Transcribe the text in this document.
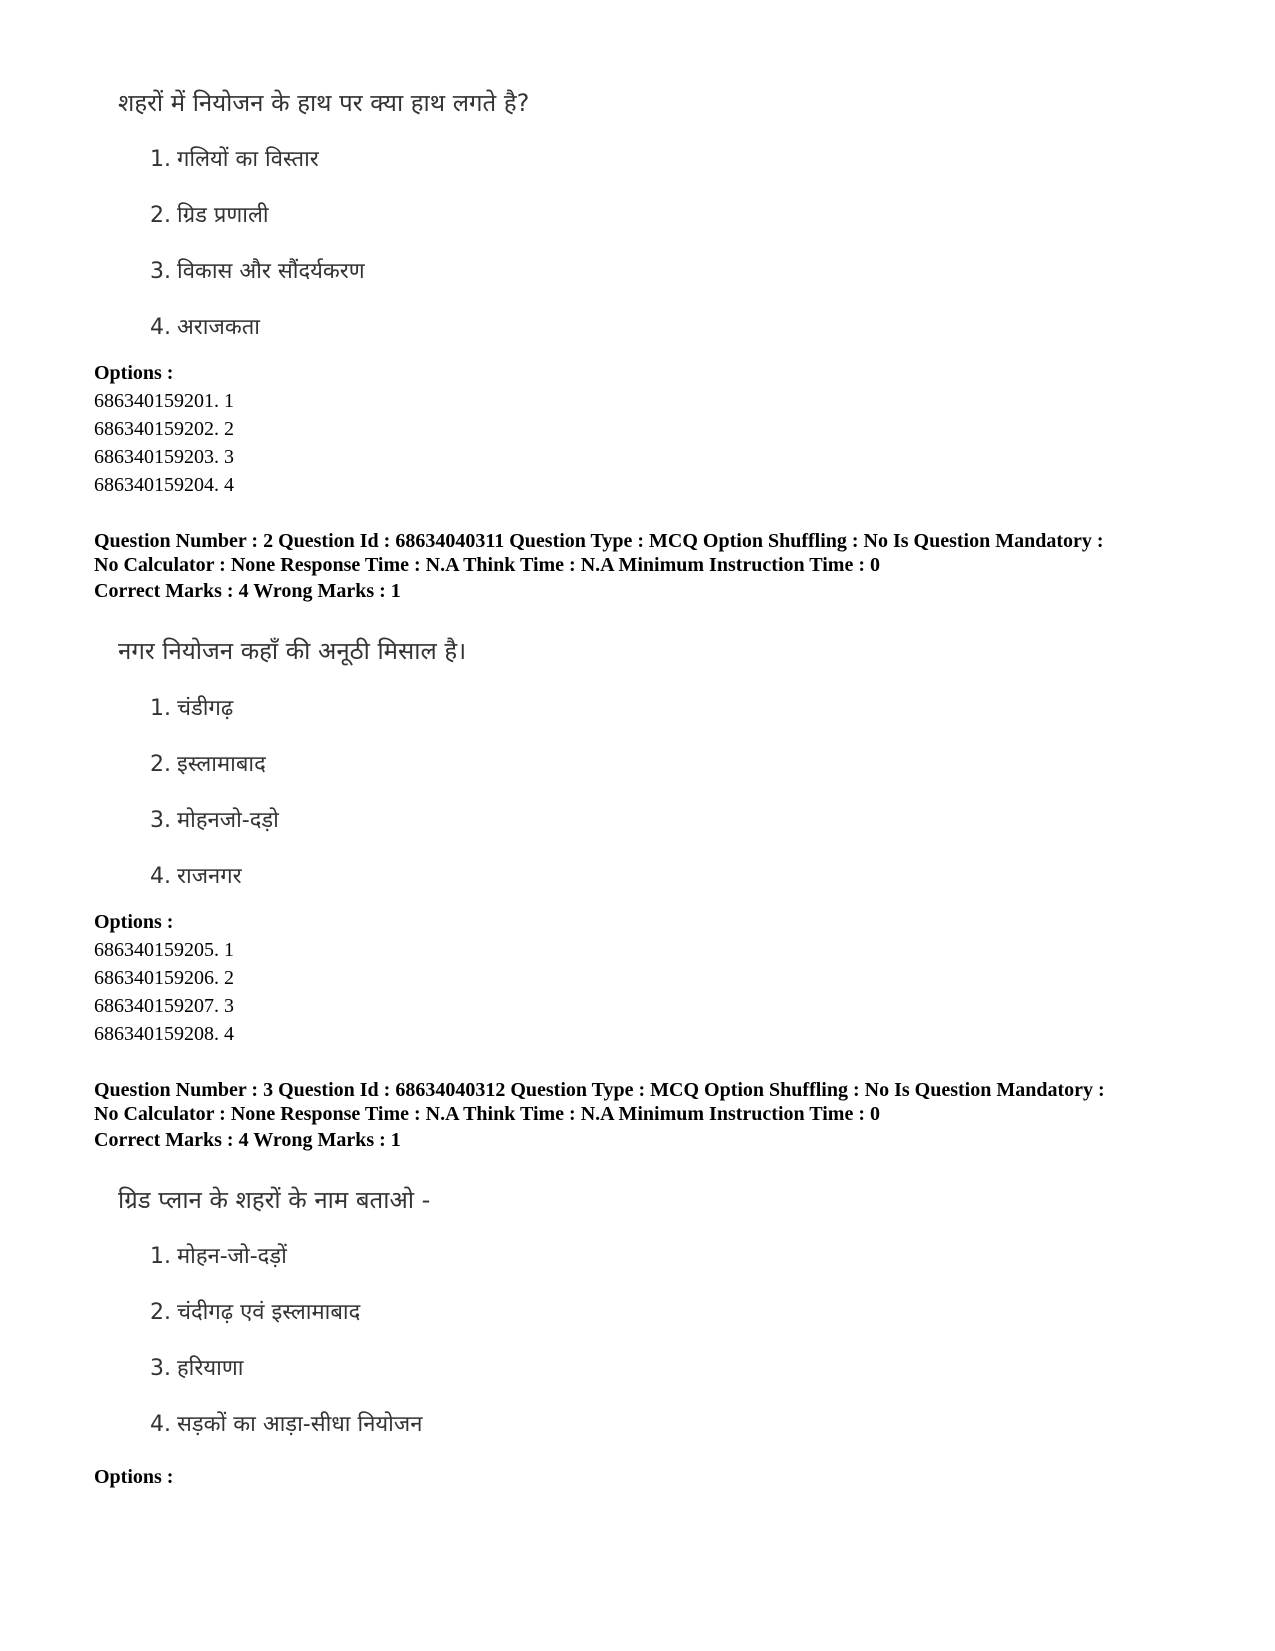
शहरों में नियोजन के हाथ पर क्या हाथ लगते है?
1. गलियों का विस्तार
2. ग्रिड प्रणाली
3. विकास और सौंदर्यकरण
4. अराजकता
Options :
686340159201. 1
686340159202. 2
686340159203. 3
686340159204. 4
Question Number : 2 Question Id : 68634040311 Question Type : MCQ Option Shuffling : No Is Question Mandatory :
No Calculator : None Response Time : N.A Think Time : N.A Minimum Instruction Time : 0
Correct Marks : 4 Wrong Marks : 1
नगर नियोजन कहाँ की अनूठी मिसाल है।
1. चंडीगढ़
2. इस्लामाबाद
3. मोहनजो-दड़ो
4. राजनगर
Options :
686340159205. 1
686340159206. 2
686340159207. 3
686340159208. 4
Question Number : 3 Question Id : 68634040312 Question Type : MCQ Option Shuffling : No Is Question Mandatory :
No Calculator : None Response Time : N.A Think Time : N.A Minimum Instruction Time : 0
Correct Marks : 4 Wrong Marks : 1
ग्रिड प्लान के शहरों के नाम बताओ -
1. मोहन-जो-दड़ों
2. चंदीगढ़ एवं इस्लामाबाद
3. हरियाणा
4. सड़कों का आड़ा-सीधा नियोजन
Options :
